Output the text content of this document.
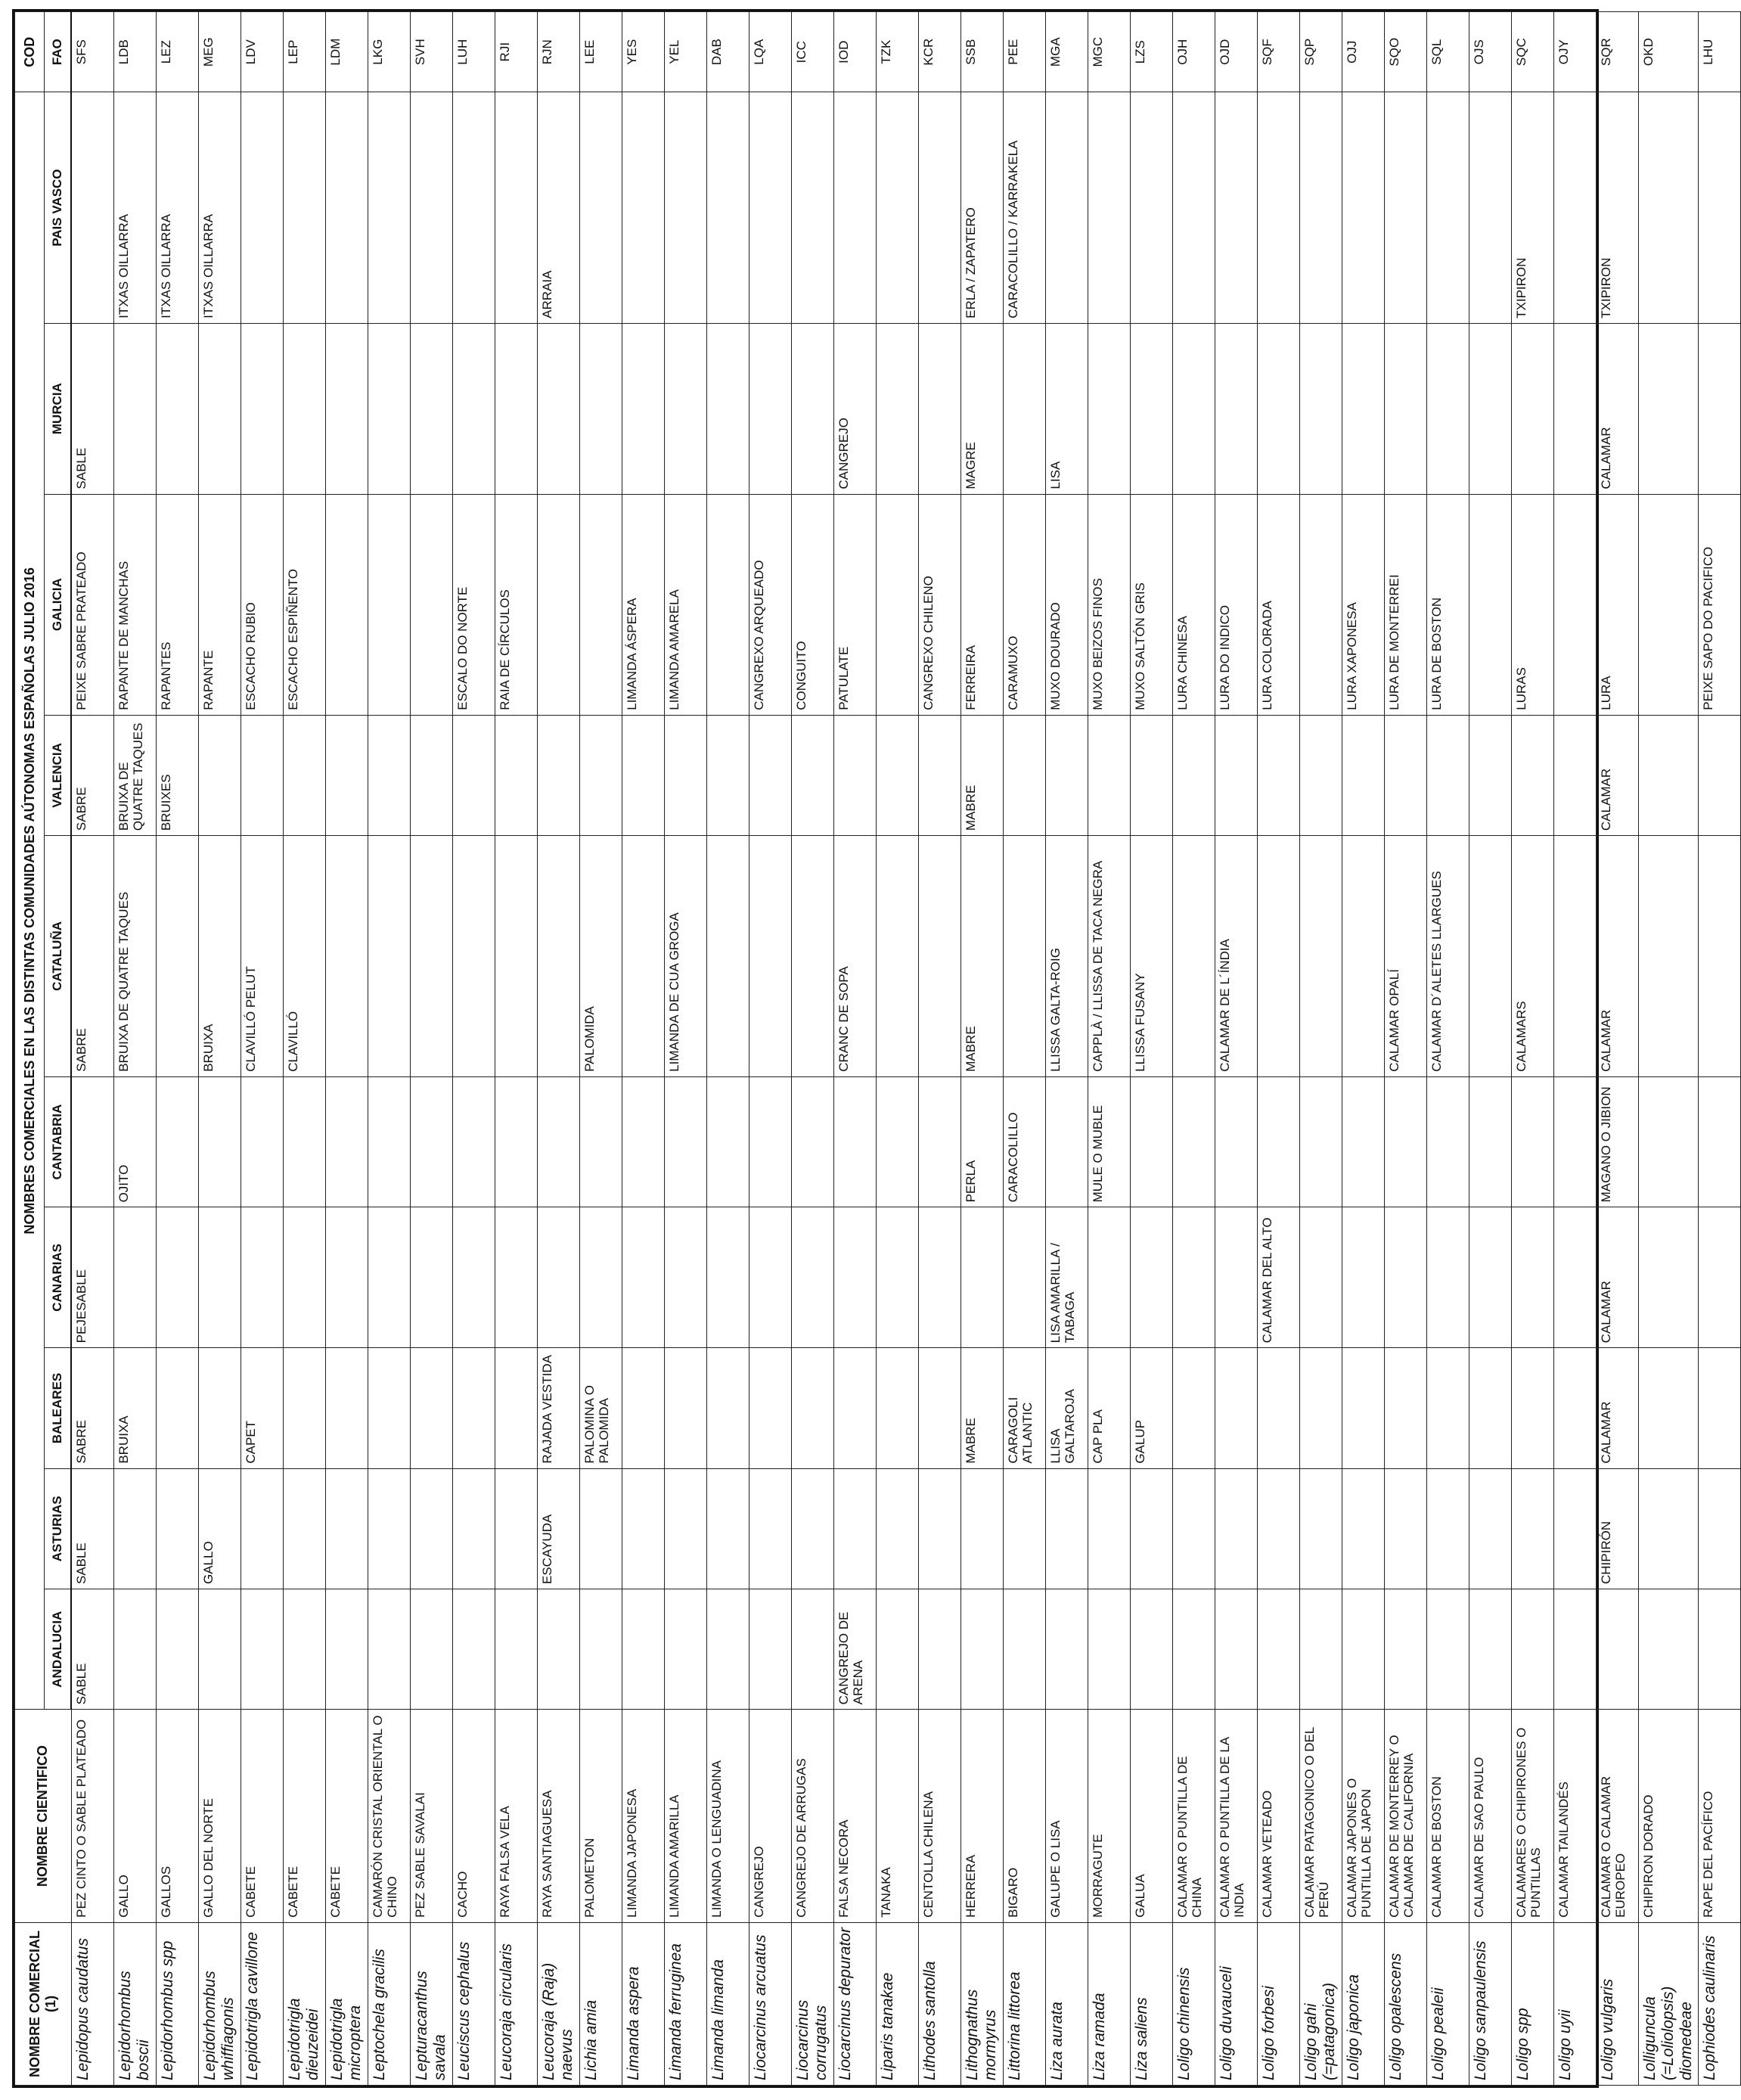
NOMBRE COMERCIAL (1)	NOMBRE CIENTIFICO	NOMBRES COMERCIALES EN LAS DISTINTAS COMUNIDADES AÚTONOMAS ESPAÑOLAS JULIO 2016										COD

		ANDALUCIA	ASTURIAS	BALEARES	CANARIAS	CANTABRIA	CATALUÑA	VALENCIA	GALICIA	MURCIA	PAIS VASCO	FAO
Lepidopus caudatus	PEZ CINTO O SABLE PLATEADO	SABLE	SABLE	SABRE	PEJESABLE		SABRE	SABRE	PEIXE SABRE PRATEADO	SABLE		SFS
Lepidorhombus boscii	GALLO			BRUIXA		OJITO	BRUIXA DE QUATRE TAQUES	BRUIXA DE QUATRE TAQUES	RAPANTE DE MANCHAS		ITXAS OILLARRA	LDB
Lepidorhombus spp	GALLOS							BRUIXES	RAPANTES		ITXAS OILLARRA	LEZ
Lepidorhombus whiffiagonis	GALLO DEL NORTE		GALLO				BRUIXA		RAPANTE		ITXAS OILLARRA	MEG
Lepidotrigla cavillone	CABETE			CAPET			CLAVILLÓ PELUT		ESCACHO RUBIO			LDV
Lepidotrigla dieuzeidei	CABETE						CLAVILLÓ		ESCACHO ESPIÑENTO			LEP
Lepidotrigla microptera	CABETE											LDM
Leptochela gracilis	CAMARÓN CRISTAL ORIENTAL O CHINO											LKG
Lepturacanthus savala	PEZ SABLE SAVALAI											SVH
Leuciscus cephalus	CACHO								ESCALO DO NORTE			LUH
Leucoraja circularis	RAYA FALSA VELA								RAIA DE CÍRCULOS			RJI
Leucoraja (Raja) naevus	RAYA SANTIAGUESA		ESCAYUDA	RAJADA VESTIDA							ARRAIA	RJN
Lichia amia	PALOMETON			PALOMINA O PALOMIDA			PALOMIDA					LEE
Limanda aspera	LIMANDA JAPONESA								LIMANDA ÁSPERA			YES
Limanda ferruginea	LIMANDA AMARILLA						LIMANDA DE CUA GROGA		LIMANDA AMARELA			YEL
Limanda limanda	LIMANDA O LENGUADINA											DAB
Liocarcinus arcuatus	CANGREJO								CANGREXO ARQUEADO			LQA
Liocarcinus corrugatus	CANGREJO DE ARRUGAS								CONGUITO			ICC
Liocarcinus depurator	FALSA NECORA	CANGREJO DE ARENA					CRANC DE SOPA		PATULATE	CANGREJO		IOD
Liparis tanakae	TANAKA											TZK
Lithodes santolla	CENTOLLA CHILENA								CANGREXO CHILENO			KCR
Lithognathus mormyrus	HERRERA			MABRE		PERLA	MABRE	MABRE	FERREIRA	MAGRE	ERLA / ZAPATERO	SSB
Littorina littorea	BIGARO			CARAGOLI ATLANTIC		CARACOLILLO			CARAMUXO		CARACOLILLO / KARRAKELA	PEE
Liza aurata	GALUPE O LISA			LLISA GALTAROJA	LISA AMARILLA / TABAGA		LLISSA GALTA-ROIG		MUXO DOURADO	LISA		MGA
Liza ramada	MORRAGUTE			CAP PLA		MULE O MUBLE	CAPPLÀ / LLISSA DE TACA NEGRA		MUXO BEIZOS FINOS			MGC
Liza saliens	GALUA			GALUP			LLISSA FUSANY		MUXO SALTÓN GRIS			LZS
Loligo chinensis	CALAMAR O PUNTILLA DE CHINA								LURA CHINESA			OJH
Loligo duvauceli	CALAMAR O PUNTILLA DE LA INDIA						CALAMAR DE L´ÍNDIA		LURA DO INDICO			OJD
Loligo forbesi	CALAMAR VETEADO				CALAMAR DEL ALTO				LURA COLORADA			SQF
Loligo gahi (=patagonica)	CALAMAR PATAGONICO O DEL PERÚ											SQP
Loligo japonica	CALAMAR JAPONES O PUNTILLA DE JAPON								LURA XAPONESA			OJJ
Loligo opalescens	CALAMAR DE MONTERREY O CALAMAR DE CALIFORNIA						CALAMAR OPALÍ		LURA DE MONTERREI			SQO
Loligo pealeii	CALAMAR DE BOSTON						CALAMAR D´ALETES LLARGUES		LURA DE BOSTON			SQL
Loligo sanpaulensis	CALAMAR DE SAO PAULO											OJS
Loligo spp	CALAMARES O CHIPIRONES O PUNTILLAS						CALAMARS		LURAS		TXIPIRON	SQC
Loligo uyii	CALAMAR TAILANDÉS											OJY
Loligo vulgaris	CALAMAR O CALAMAR EUROPEO		CHIPIRÓN	CALAMAR	CALAMAR	MAGANO O JIBION	CALAMAR	CALAMAR	LURA	CALAMAR	TXIPIRON	SQR
Lolliguncula (=Loliolopsis) diomedeae	CHIPIRON DORADO											OKD
Lophiodes caulinaris	RAPE DEL PACÍFICO								PEIXE SAPO DO PACIFICO			LHU
